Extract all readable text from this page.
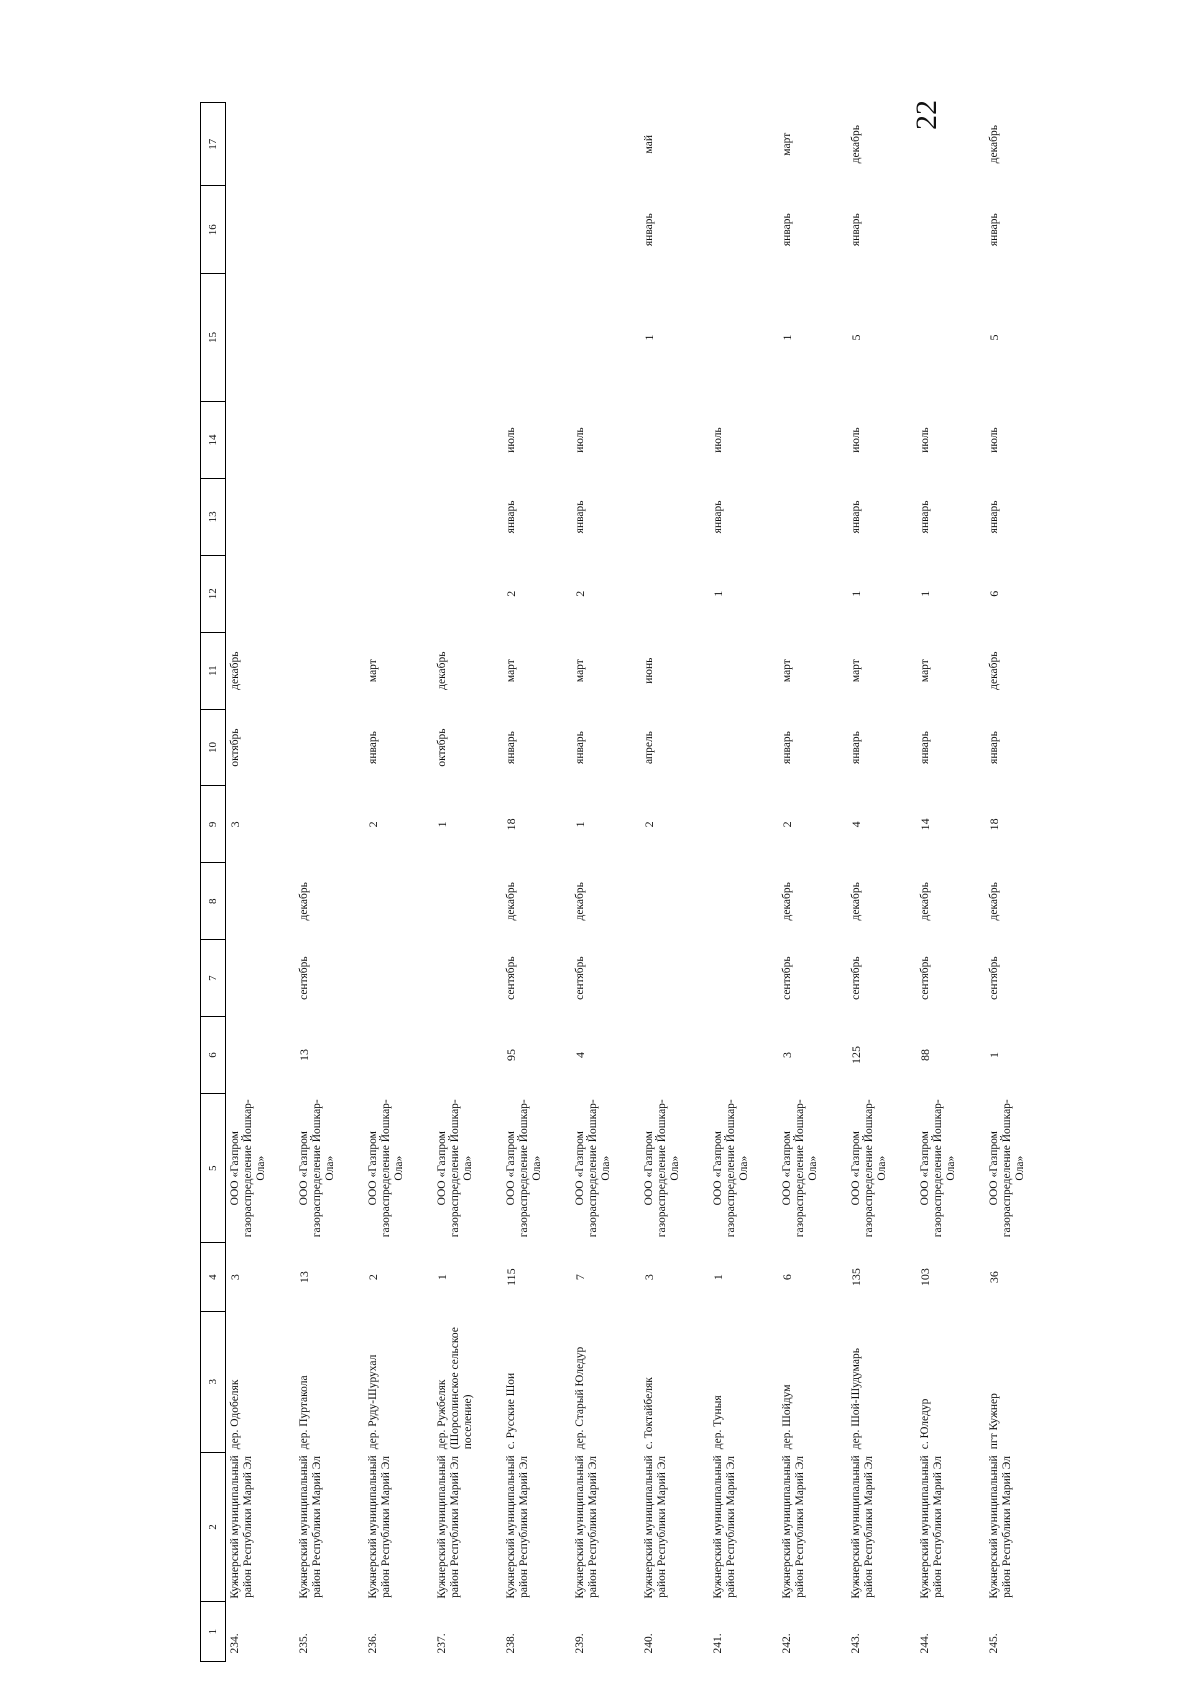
22
1	2	3	4	5	6	7	8	9	10	11	12	13	14	15	16	17
234.	Кужнерский муниципальный район Республики Марий Эл	дер. Одобеляк	3	ООО «Газпром газораспределение Йошкар-Ола»				3	октябрь	декабрь						
235.	Кужнерский муниципальный район Республики Марий Эл	дер. Пуртакола	13	ООО «Газпром газораспределение Йошкар-Ола»	13	сентябрь	декабрь									
236.	Кужнерский муниципальный район Республики Марий Эл	дер. Руду-Шурухал	2	ООО «Газпром газораспределение Йошкар-Ола»				2	январь	март						
237.	Кужнерский муниципальный район Республики Марий Эл	дер. Ружбеляк (Шорсолинское сельское поселение)	1	ООО «Газпром газораспределение Йошкар-Ола»				1	октябрь	декабрь						
238.	Кужнерский муниципальный район Республики Марий Эл	с. Русские Шои	115	ООО «Газпром газораспределение Йошкар-Ола»	95	сентябрь	декабрь	18	январь	март	2	январь	июль			
239.	Кужнерский муниципальный район Республики Марий Эл	дер. Старый Юледур	7	ООО «Газпром газораспределение Йошкар-Ола»	4	сентябрь	декабрь	1	январь	март	2	январь	июль			
240.	Кужнерский муниципальный район Республики Марий Эл	с. Токтайбеляк	3	ООО «Газпром газораспределение Йошкар-Ола»				2	апрель	июнь				1	январь	май
241.	Кужнерский муниципальный район Республики Марий Эл	дер. Туныя	1	ООО «Газпром газораспределение Йошкар-Ола»							1	январь	июль			
242.	Кужнерский муниципальный район Республики Марий Эл	дер. Шойдум	6	ООО «Газпром газораспределение Йошкар-Ола»	3	сентябрь	декабрь	2	январь	март				1	январь	март
243.	Кужнерский муниципальный район Республики Марий Эл	дер. Шой-Шудумарь	135	ООО «Газпром газораспределение Йошкар-Ола»	125	сентябрь	декабрь	4	январь	март	1	январь	июль	5	январь	декабрь
244.	Кужнерский муниципальный район Республики Марий Эл	с. Юледур	103	ООО «Газпром газораспределение Йошкар-Ола»	88	сентябрь	декабрь	14	январь	март	1	январь	июль			
245.	Кужнерский муниципальный район Республики Марий Эл	пгт Кужнер	36	ООО «Газпром газораспределение Йошкар-Ола»	1	сентябрь	декабрь	18	январь	декабрь	6	январь	июль	5	январь	декабрь
